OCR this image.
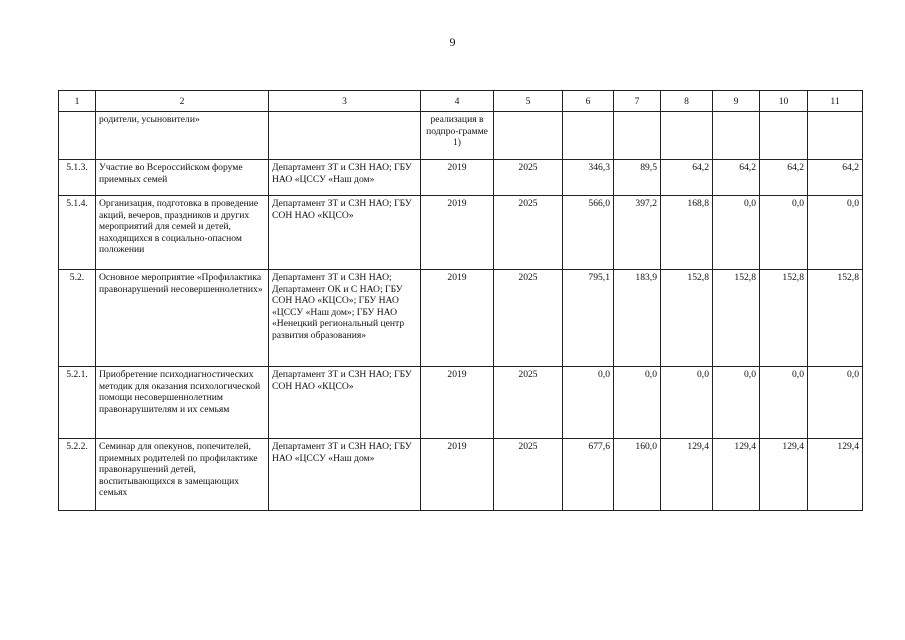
9
1	2	3	4	5	6	7	8	9	10	11
	родители, усыновители»		реализация в подпро-грамме 1)							
5.1.3.	Участие во Всероссийском форуме приемных семей	Департамент ЗТ и СЗН НАО; ГБУ НАО «ЦССУ «Наш дом»	2019	2025	346,3	89,5	64,2	64,2	64,2	64,2
5.1.4.	Организация, подготовка в проведение акций, вечеров, праздников и других мероприятий для семей и детей, находящихся в социально-опасном положении	Департамент ЗТ и СЗН НАО; ГБУ СОН НАО «КЦСО»	2019	2025	566,0	397,2	168,8	0,0	0,0	0,0
5.2.	Основное мероприятие «Профилактика правонарушений несовершеннолетних»	Департамент ЗТ и СЗН НАО; Департамент ОК и С НАО; ГБУ СОН НАО «КЦСО»; ГБУ НАО «ЦССУ «Наш дом»; ГБУ НАО «Ненецкий региональный центр развития образования»	2019	2025	795,1	183,9	152,8	152,8	152,8	152,8
5.2.1.	Приобретение психодиагностических методик для оказания психологической помощи несовершеннолетним правонарушителям и их семьям	Департамент ЗТ и СЗН НАО; ГБУ СОН НАО «КЦСО»	2019	2025	0,0	0,0	0,0	0,0	0,0	0,0
5.2.2.	Семинар для опекунов, попечителей, приемных родителей по профилактике правонарушений детей, воспитывающихся в замещающих семьях	Департамент ЗТ и СЗН НАО; ГБУ НАО «ЦССУ «Наш дом»	2019	2025	677,6	160,0	129,4	129,4	129,4	129,4
